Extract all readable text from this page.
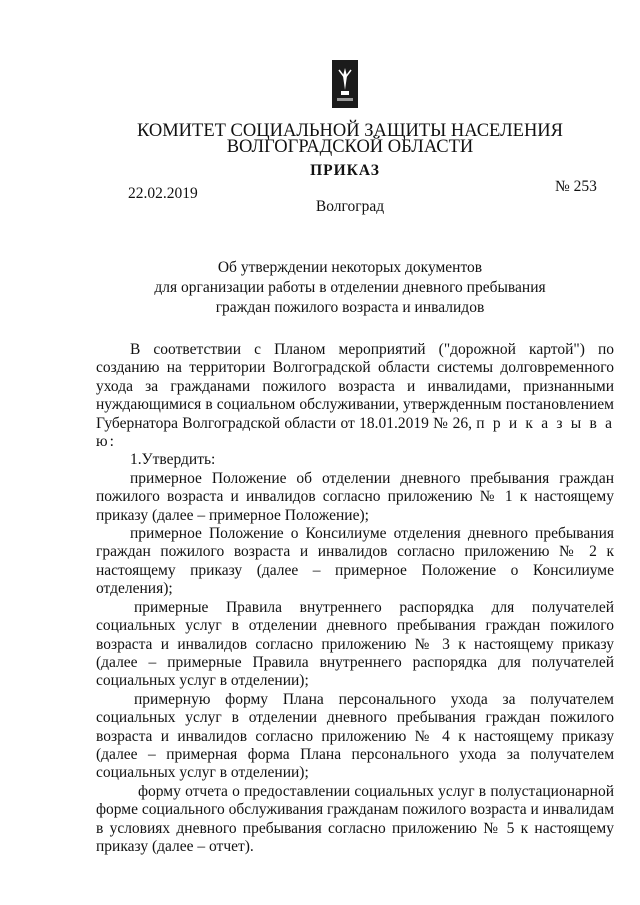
КОМИТЕТ СОЦИАЛЬНОЙ ЗАЩИТЫ НАСЕЛЕНИЯ
ВОЛГОГРАДСКОЙ ОБЛАСТИ
ПРИКАЗ
22.02.2019	№ 253
Волгоград
Об утверждении некоторых документов
для организации работы в отделении дневного пребывания
граждан пожилого возраста и инвалидов

В соответствии с Планом мероприятий ("дорожной картой") по созданию на территории Волгоградской области системы долговременного ухода за гражданами пожилого возраста и инвалидами, признанными нуждающимися в социальном обслуживании, утвержденным постановлением Губернатора Волгоградской области от 18.01.2019 № 26, п р и к а з ы в а ю:

1.Утвердить:

примерное Положение об отделении дневного пребывания граждан пожилого возраста и инвалидов согласно приложению № 1 к настоящему приказу (далее – примерное Положение);

примерное Положение о Консилиуме отделения дневного пребывания граждан пожилого возраста и инвалидов согласно приложению № 2 к настоящему приказу (далее – примерное Положение о Консилиуме отделения);

примерные Правила внутреннего распорядка для получателей социальных услуг в отделении дневного пребывания граждан пожилого возраста и инвалидов согласно приложению № 3 к настоящему приказу (далее – примерные Правила внутреннего распорядка для получателей социальных услуг в отделении);

примерную форму Плана персонального ухода за получателем социальных услуг в отделении дневного пребывания граждан пожилого возраста и инвалидов согласно приложению № 4 к настоящему приказу (далее – примерная форма Плана персонального ухода за получателем социальных услуг в отделении);

форму отчета о предоставлении социальных услуг в полустационарной форме социального обслуживания гражданам пожилого возраста и инвалидам в условиях дневного пребывания согласно приложению № 5 к настоящему приказу (далее – отчет).
